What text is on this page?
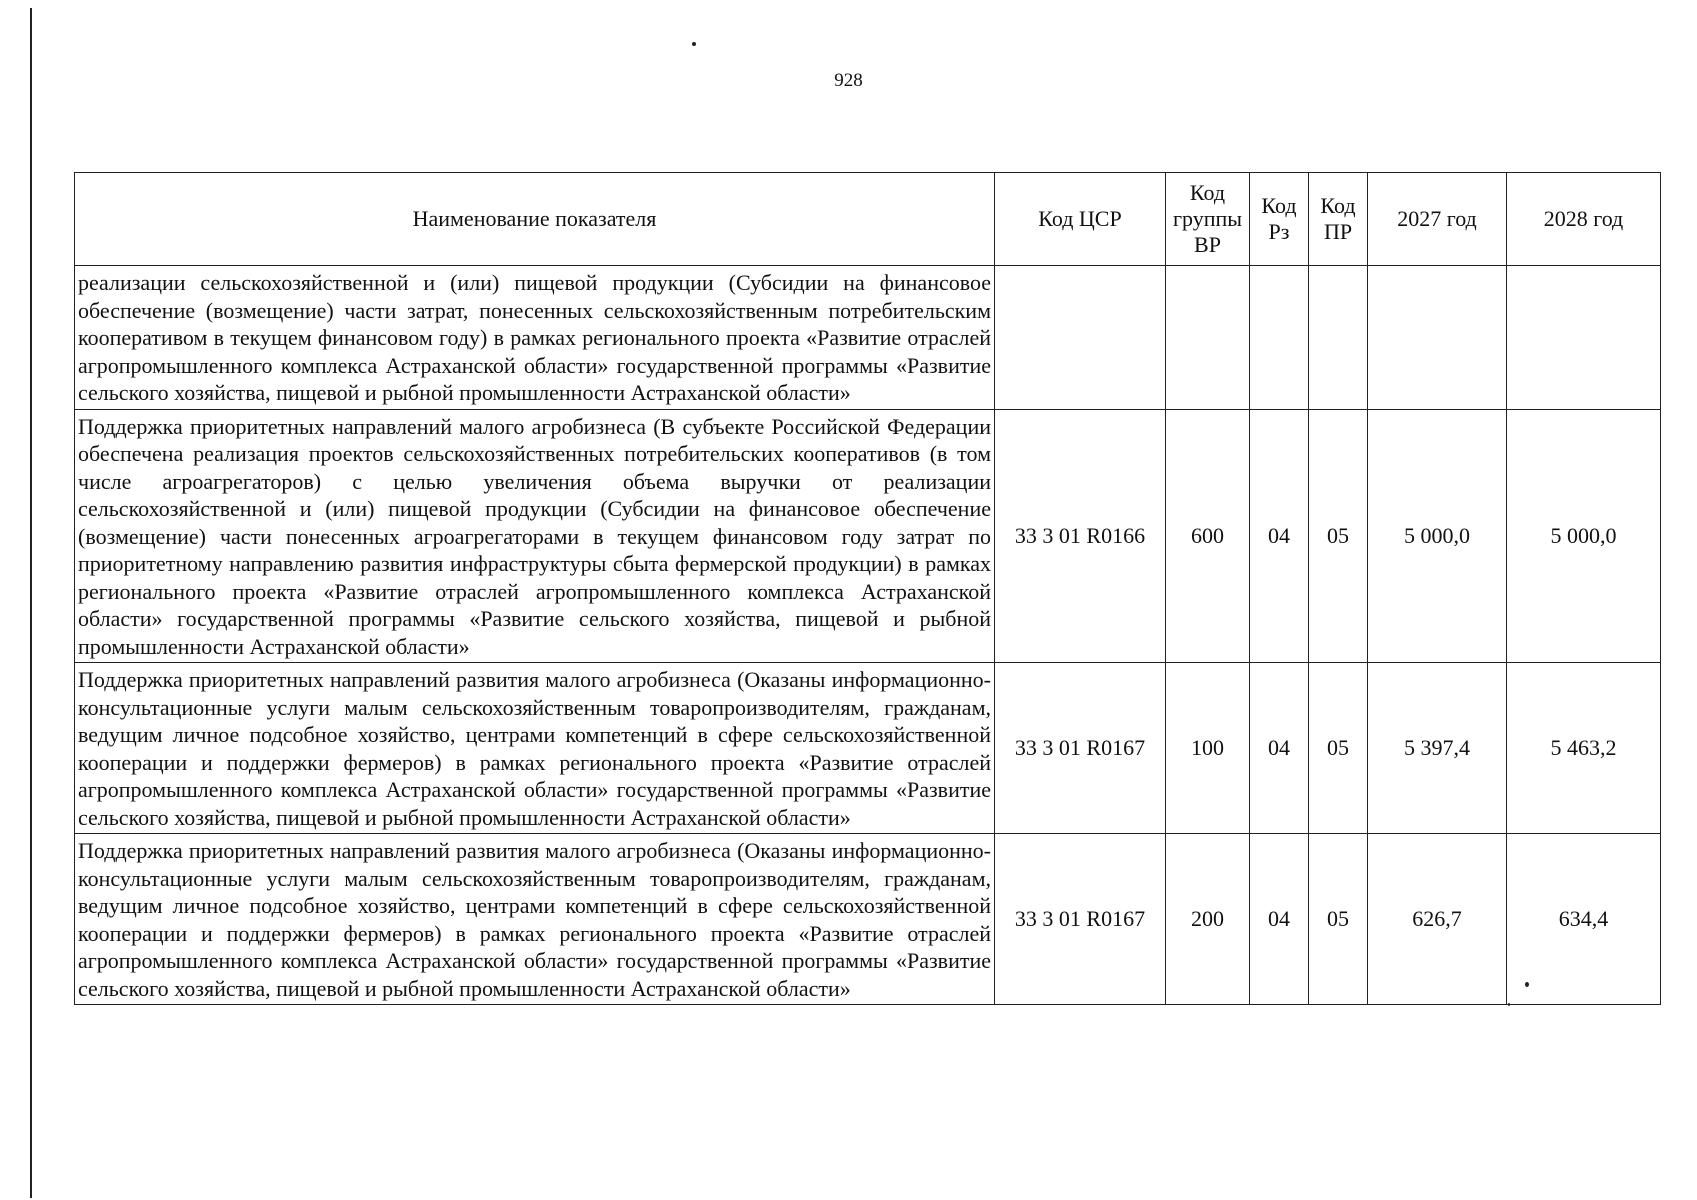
928
Наименование показателя	Код ЦСР	Код группы ВР	Код Рз	Код ПР	2027 год	2028 год
реализации сельскохозяйственной и (или) пищевой продукции (Субсидии на финансовое обеспечение (возмещение) части затрат, понесенных сельскохозяйственным потребительским кооперативом в текущем финансовом году) в рамках регионального проекта «Развитие отраслей агропромышленного комплекса Астраханской области» государственной программы «Развитие сельского хозяйства, пищевой и рыбной промышленности Астраханской области»						
Поддержка приоритетных направлений малого агробизнеса (В субъекте Российской Федерации обеспечена реализация проектов сельскохозяйственных потребительских кооперативов (в том числе агроагрегаторов) с целью увеличения объема выручки от реализации сельскохозяйственной и (или) пищевой продукции (Субсидии на финансовое обеспечение (возмещение) части понесенных агроагрегаторами в текущем финансовом году затрат по приоритетному направлению развития инфраструктуры сбыта фермерской продукции) в рамках регионального проекта «Развитие отраслей агропромышленного комплекса Астраханской области» государственной программы «Развитие сельского хозяйства, пищевой и рыбной промышленности Астраханской области»	33 3 01 R0166	600	04	05	5 000,0	5 000,0
Поддержка приоритетных направлений развития малого агробизнеса (Оказаны информационно-консультационные услуги малым сельскохозяйственным товаропроизводителям, гражданам, ведущим личное подсобное хозяйство, центрами компетенций в сфере сельскохозяйственной кооперации и поддержки фермеров) в рамках регионального проекта «Развитие отраслей агропромышленного комплекса Астраханской области» государственной программы «Развитие сельского хозяйства, пищевой и рыбной промышленности Астраханской области»	33 3 01 R0167	100	04	05	5 397,4	5 463,2
Поддержка приоритетных направлений развития малого агробизнеса (Оказаны информационно-консультационные услуги малым сельскохозяйственным товаропроизводителям, гражданам, ведущим личное подсобное хозяйство, центрами компетенций в сфере сельскохозяйственной кооперации и поддержки фермеров) в рамках регионального проекта «Развитие отраслей агропромышленного комплекса Астраханской области» государственной программы «Развитие сельского хозяйства, пищевой и рыбной промышленности Астраханской области»	33 3 01 R0167	200	04	05	626,7	634,4
